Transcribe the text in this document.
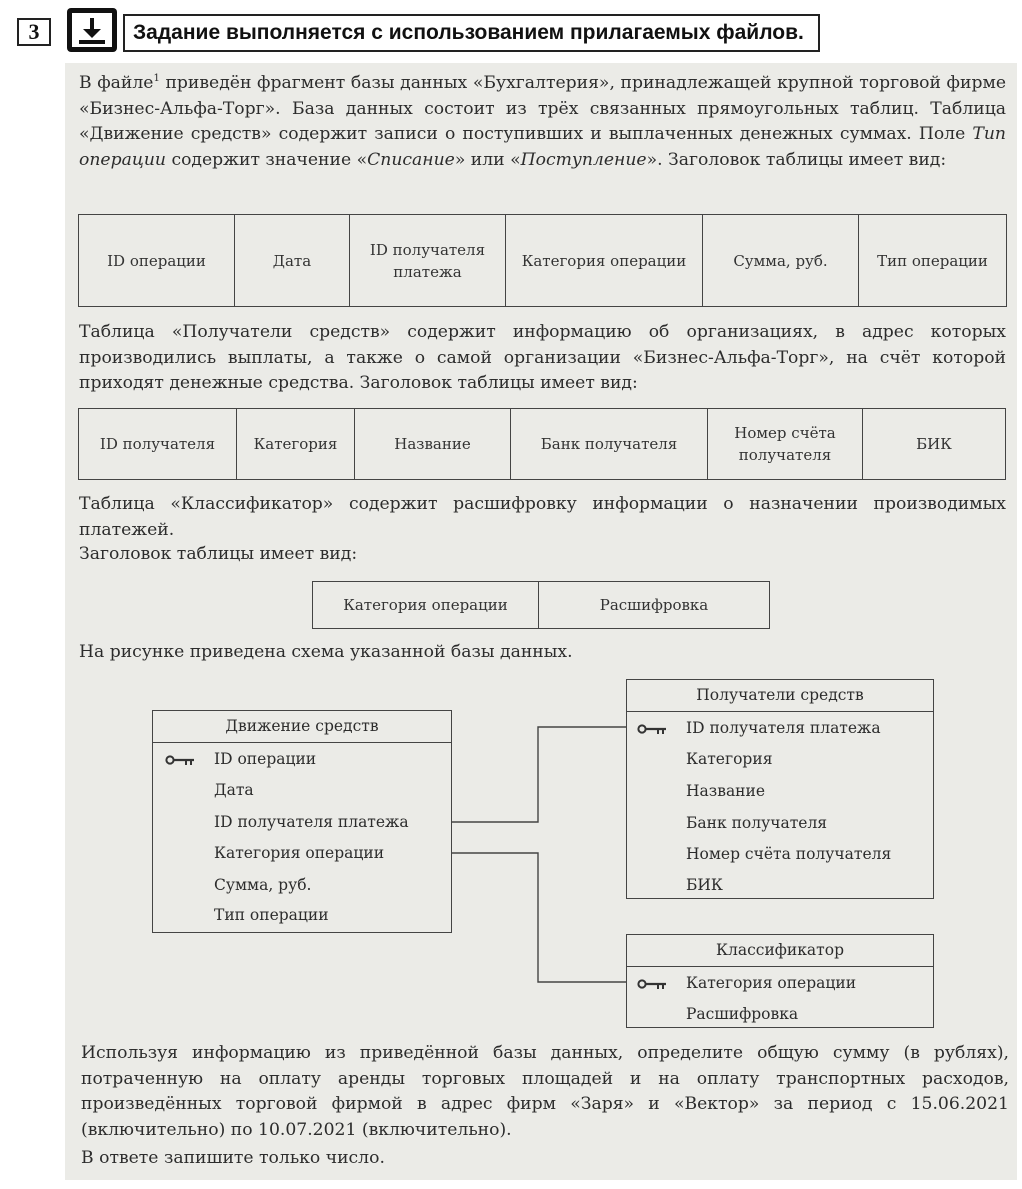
3	Задание выполняется с использованием прилагаемых файлов.
В файле$^1$ приведён фрагмент базы данных «Бухгалтерия», принадлежащей крупной торговой фирме «Бизнес-Альфа-Торг». База данных состоит из трёх связанных прямоугольных таблиц. Таблица «Движение средств» содержит записи о поступивших и выплаченных денежных суммах. Поле Тип операции содержит значение «Списание» или «Поступление». Заголовок таблицы имеет вид:
ID операции	Дата	ID получателя платежа	Категория операции	Сумма, руб.	Тип операции
Таблица «Получатели средств» содержит информацию об организациях, в адрес которых производились выплаты, а также о самой организации «Бизнес-Альфа-Торг», на счёт которой приходят денежные средства. Заголовок таблицы имеет вид:
ID получателя	Категория	Название	Банк получателя	Номер счёта получателя	БИК
Таблица «Классификатор» содержит расшифровку информации о назначении производимых платежей.
Заголовок таблицы имеет вид:
Категория операции	Расшифровка
На рисунке приведена схема указанной базы данных.
Движение средств
ID операции
Дата
ID получателя платежа
Категория операции
Сумма, руб.
Тип операции
Получатели средств
ID получателя платежа
Категория
Название
Банк получателя
Номер счёта получателя
БИК
Классификатор
Категория операции
Расшифровка
Используя информацию из приведённой базы данных, определите общую сумму (в рублях), потраченную на оплату аренды торговых площадей и на оплату транспортных расходов, произведённых торговой фирмой в адрес фирм «Заря» и «Вектор» за период с 15.06.2021 (включительно) по 10.07.2021 (включительно).
В ответе запишите только число.
